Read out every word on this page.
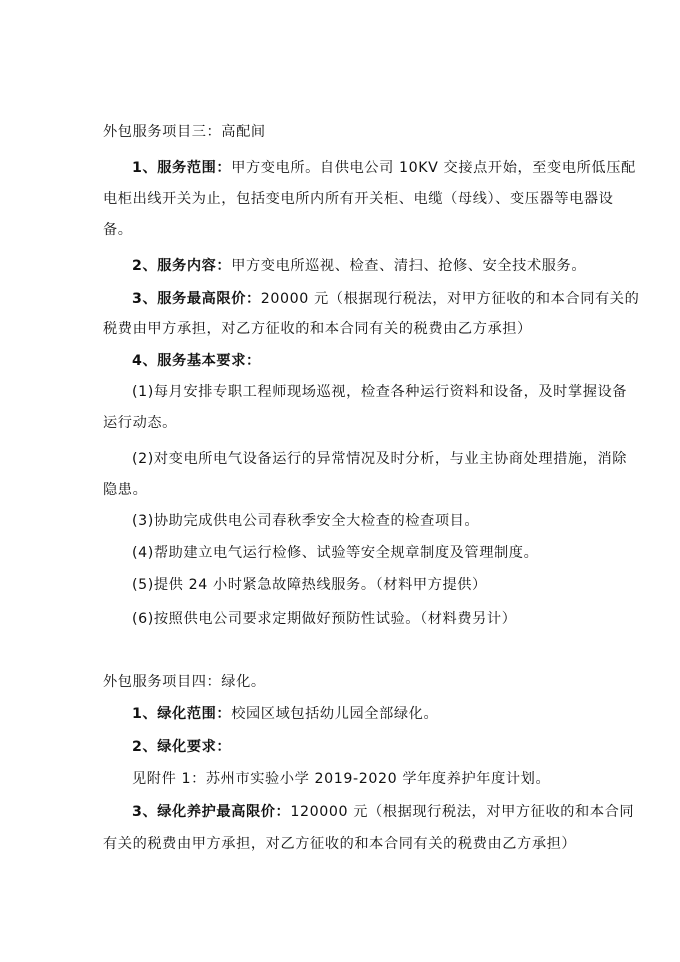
外包服务项目三：高配间
1、服务范围：甲方变电所。自供电公司 10KV 交接点开始，至变电所低压配
电柜出线开关为止，包括变电所内所有开关柜、电缆（母线）、变压器等电器设
备。
2、服务内容：甲方变电所巡视、检查、清扫、抢修、安全技术服务。
3、服务最高限价：20000 元（根据现行税法，对甲方征收的和本合同有关的
税费由甲方承担，对乙方征收的和本合同有关的税费由乙方承担）
4、服务基本要求：
(1)每月安排专职工程师现场巡视，检查各种运行资料和设备，及时掌握设备
运行动态。
(2)对变电所电气设备运行的异常情况及时分析，与业主协商处理措施，消除
隐患。
(3)协助完成供电公司春秋季安全大检查的检查项目。
(4)帮助建立电气运行检修、试验等安全规章制度及管理制度。
(5)提供 24 小时紧急故障热线服务。（材料甲方提供）
(6)按照供电公司要求定期做好预防性试验。（材料费另计）
外包服务项目四：绿化。
1、绿化范围：校园区域包括幼儿园全部绿化。
2、绿化要求：
见附件 1：苏州市实验小学 2019-2020 学年度养护年度计划。
3、绿化养护最高限价：120000 元（根据现行税法，对甲方征收的和本合同
有关的税费由甲方承担，对乙方征收的和本合同有关的税费由乙方承担）
